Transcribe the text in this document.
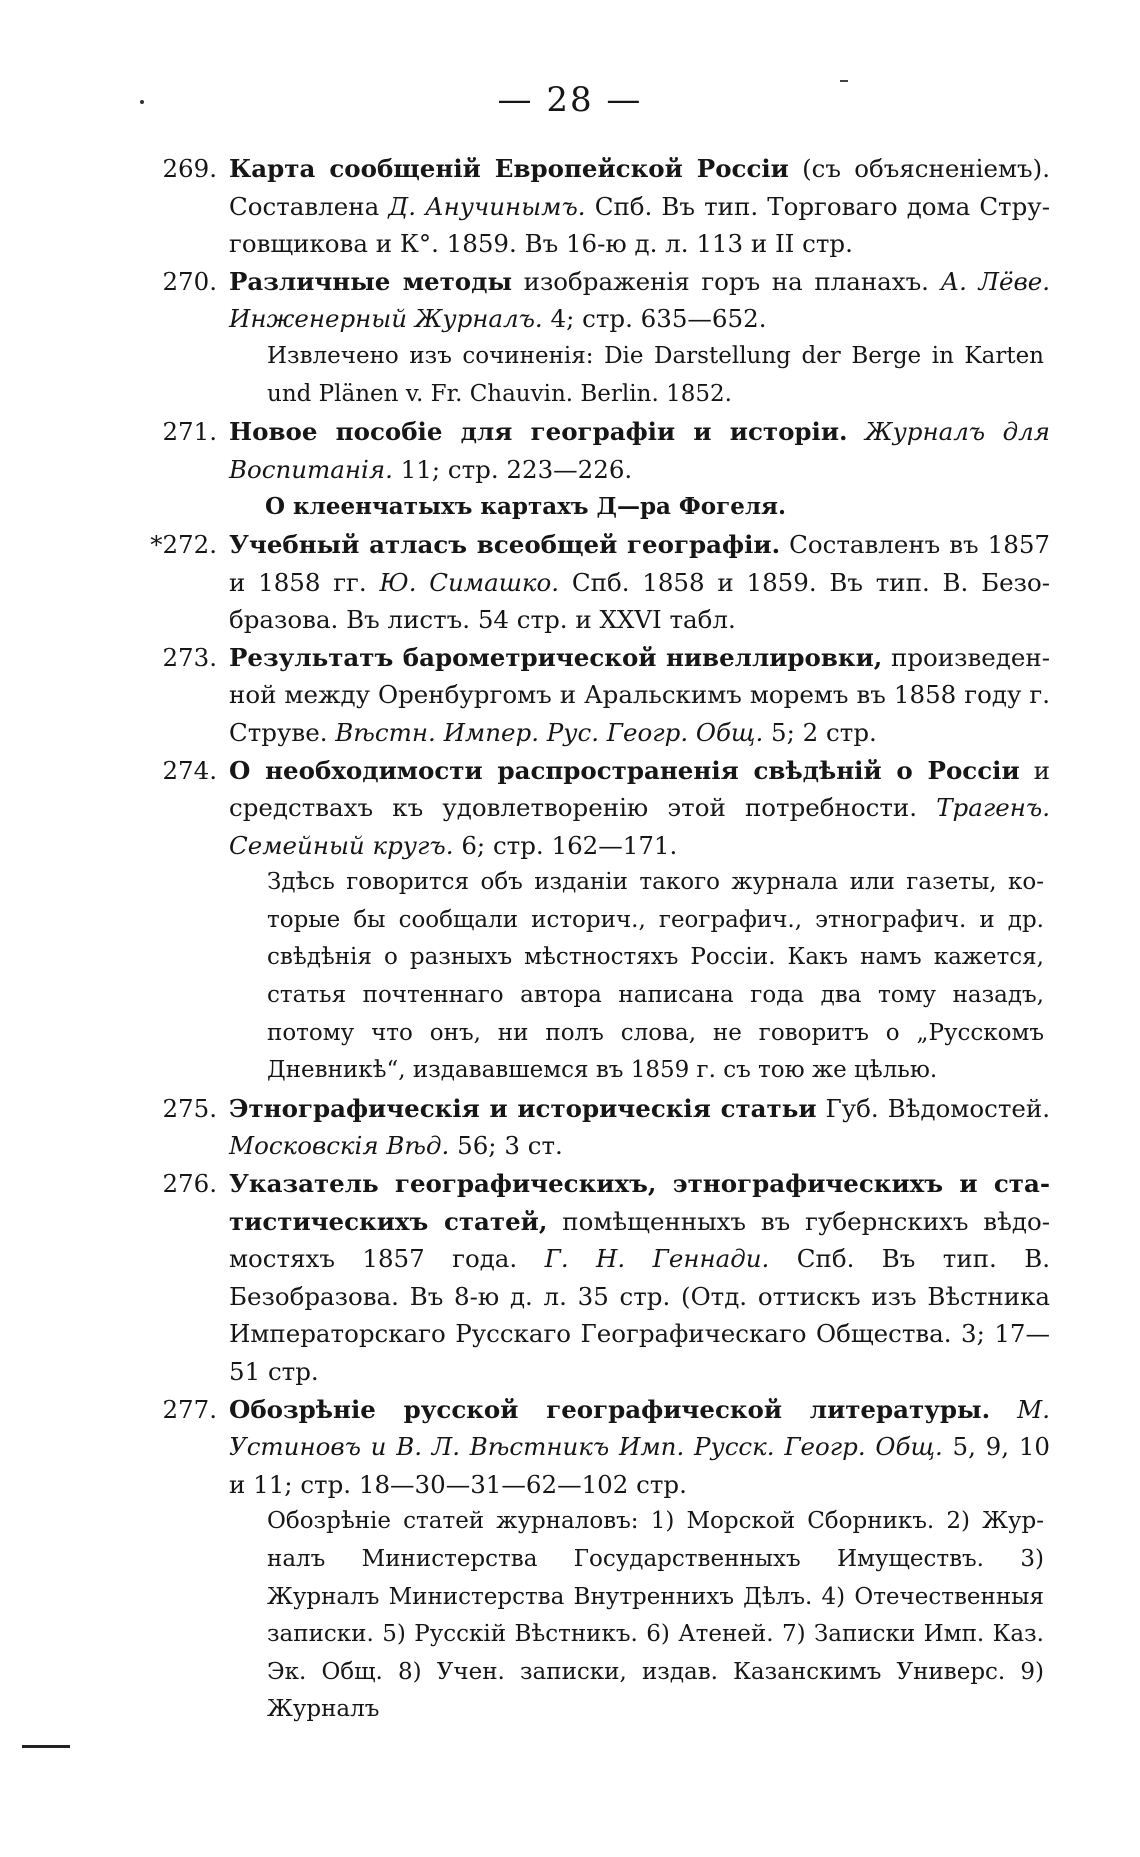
— 28 —
269. Карта сообщеній Европейской Россіи (съ объясненіемъ). Составлена Д. Анучинымъ. Спб. Въ тип. Торговаго дома Струговщикова и К°. 1859. Въ 16-ю д. л. 113 и II стр.
270. Различные методы изображенія горъ на планахъ. А. Лёве. Инженерный Журналъ. 4; стр. 635—652.
Извлечено изъ сочиненія: Die Darstellung der Berge in Karten und Plänen v. Fr. Chauvin. Berlin. 1852.
271. Новое пособіе для географіи и исторіи. Журналъ для Воспитанія. 11; стр. 223—226.
О клеенчатыхъ картахъ Д—ра Фогеля.
*272. Учебный атласъ всеобщей географіи. Составленъ въ 1857 и 1858 гг. Ю. Симашко. Спб. 1858 и 1859. Въ тип. В. Безобразова. Въ листъ. 54 стр. и XXVI табл.
273. Результатъ барометрической нивеллировки, произведенной между Оренбургомъ и Аральскимъ моремъ въ 1858 году г. Струве. Вѣстн. Импер. Рус. Геогр. Общ. 5; 2 стр.
274. О необходимости распространенія свѣдѣній о Россіи и средствахъ къ удовлетворенію этой потребности. Трагенъ. Семейный кругъ. 6; стр. 162—171.
Здѣсь говорится объ изданіи такого журнала или газеты, которые бы сообщали историч., географич., этнографич. и др. свѣдѣнія о разныхъ мѣстностяхъ Россіи. Какъ намъ кажется, статья почтеннаго автора написана года два тому назадъ, потому что онъ, ни полъ слова, не говоритъ о „Русскомъ Дневникѣ“, издававшемся въ 1859 г. съ тою же цѣлью.
275. Этнографическія и историческія статьи Губ. Вѣдомостей. Московскія Вѣд. 56; 3 ст.
276. Указатель географическихъ, этнографическихъ и статистическихъ статей, помѣщенныхъ въ губернскихъ вѣдомостяхъ 1857 года. Г. Н. Геннади. Спб. Въ тип. В. Безобразова. Въ 8-ю д. л. 35 стр. (Отд. оттискъ изъ Вѣстника Императорскаго Русскаго Географическаго Общества. 3; 17—51 стр.
277. Обозрѣніе русской географической литературы. М. Устиновъ и В. Л. Вѣстникъ Имп. Русск. Геогр. Общ. 5, 9, 10 и 11; стр. 18—30—31—62—102 стр.
Обозрѣніе статей журналовъ: 1) Морской Сборникъ. 2) Журналъ Министерства Государственныхъ Имуществъ. 3) Журналъ Министерства Внутреннихъ Дѣлъ. 4) Отечественныя записки. 5) Русскій Вѣстникъ. 6) Атеней. 7) Записки Имп. Каз. Эк. Общ. 8) Учен. записки, издав. Казанскимъ Универс. 9) Журналъ
